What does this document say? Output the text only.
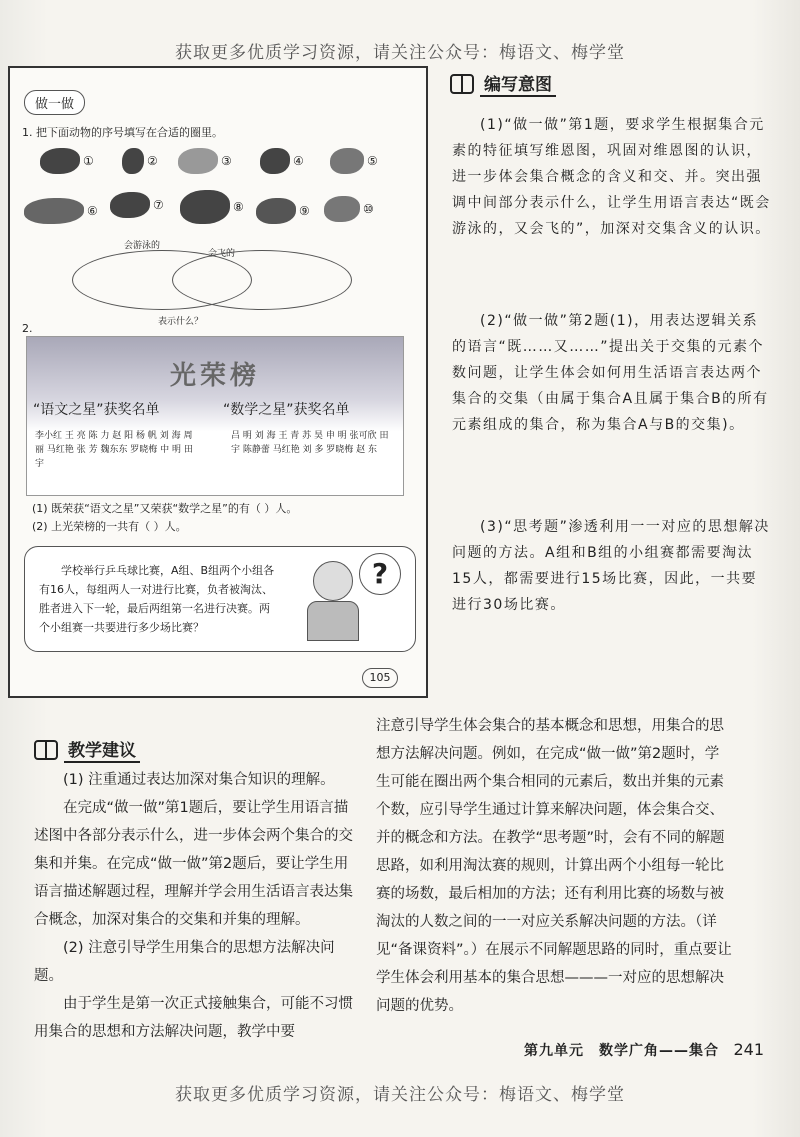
获取更多优质学习资源，请关注公众号：梅语文、梅学堂
做一做
1. 把下面动物的序号填写在合适的圈里。
①	②	③	④	⑤
⑥	⑦	⑧	⑨	⑩
会游泳的
会飞的
表示什么？
2.
光荣榜
“语文之星”获奖名单	“数学之星”获奖名单
李小红 王 亮 陈 力 赵 阳 杨 帆 刘 海 周 丽 马红艳 张 芳 魏东东 罗晓梅 中 明 田 宇
吕 明 刘 海 王 青 苏 昊 申 明 张可欣 田 宇 陈静蕾 马红艳 刘 多 罗晓梅 赵 东
(1) 既荣获“语文之星”又荣获“数学之星”的有（ ）人。
(2) 上光荣榜的一共有（ ）人。
学校举行乒乓球比赛，A组、B组两个小组各有16人，每组两人一对进行比赛，负者被淘汰、胜者进入下一轮，最后两组第一名进行决赛。两个小组赛一共要进行多少场比赛？
?
105
编写意图
(1)“做一做”第1题，要求学生根据集合元素的特征填写维恩图，巩固对维恩图的认识，进一步体会集合概念的含义和交、并。突出强调中间部分表示什么，让学生用语言表达“既会游泳的，又会飞的”，加深对交集含义的认识。
(2)“做一做”第2题(1)，用表达逻辑关系的语言“既……又……”提出关于交集的元素个数问题，让学生体会如何用生活语言表达两个集合的交集（由属于集合A且属于集合B的所有元素组成的集合，称为集合A与B的交集)。
(3)“思考题”渗透利用一一对应的思想解决问题的方法。A组和B组的小组赛都需要淘汰15人，都需要进行15场比赛，因此，一共要进行30场比赛。
教学建议

(1) 注重通过表达加深对集合知识的理解。

在完成“做一做”第1题后，要让学生用语言描述图中各部分表示什么，进一步体会两个集合的交集和并集。在完成“做一做”第2题后，要让学生用语言描述解题过程，理解并学会用生活语言表达集合概念，加深对集合的交集和并集的理解。

(2) 注意引导学生用集合的思想方法解决问题。

由于学生是第一次正式接触集合，可能不习惯用集合的思想和方法解决问题，教学中要

注意引导学生体会集合的基本概念和思想，用集合的思想方法解决问题。例如，在完成“做一做”第2题时，学生可能在圈出两个集合相同的元素后，数出并集的元素个数，应引导学生通过计算来解决问题，体会集合交、并的概念和方法。在教学“思考题”时，会有不同的解题思路，如利用淘汰赛的规则，计算出两个小组每一轮比赛的场数，最后相加的方法；还有利用比赛的场数与被淘汰的人数之间的一一对应关系解决问题的方法。（详见“备课资料”。）在展示不同解题思路的同时，重点要让学生体会利用基本的集合思想———一对应的思想解决问题的优势。

第九单元　数学广角——集合 241
获取更多优质学习资源，请关注公众号：梅语文、梅学堂
